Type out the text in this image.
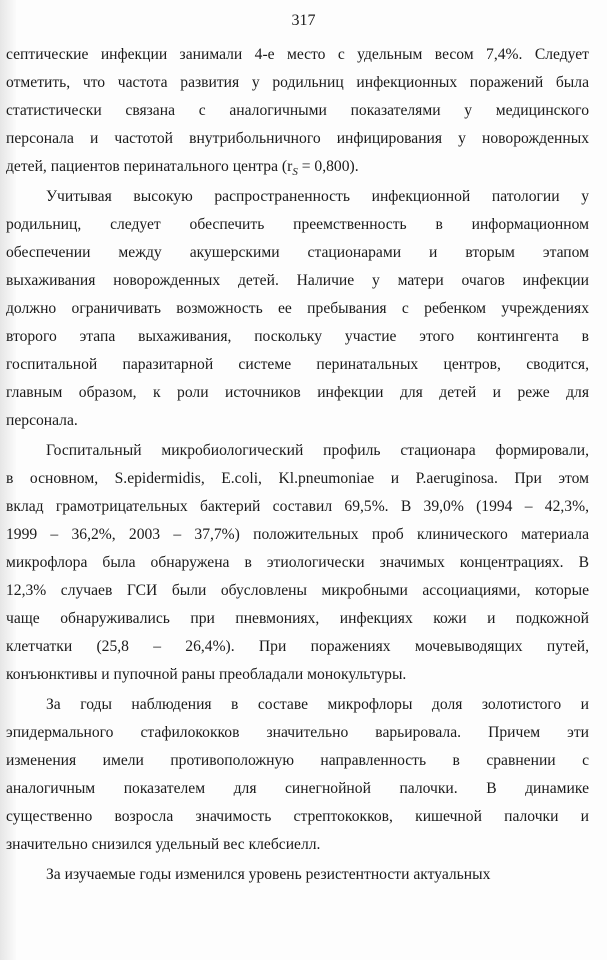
317
септические инфекции занимали 4-е место с удельным весом 7,4%. Следует
отметить, что частота развития у родильниц инфекционных поражений была
статистически связана с аналогичными показателями у медицинского
персонала и частотой внутрибольничного инфицирования у новорожденных
детей, пациентов перинатального центра $(r_S = 0,800)$.
Учитывая высокую распространенность инфекционной патологии у
родильниц, следует обеспечить преемственность в информационном
обеспечении между акушерскими стационарами и вторым этапом
выхаживания новорожденных детей. Наличие у матери очагов инфекции
должно ограничивать возможность ее пребывания с ребенком учреждениях
второго этапа выхаживания, поскольку участие этого контингента в
госпитальной паразитарной системе перинатальных центров, сводится,
главным образом, к роли источников инфекции для детей и реже для
персонала.
Госпитальный микробиологический профиль стационара формировали,
в основном, S.epidermidis, E.coli, Kl.pneumoniae и P.aeruginosa. При этом
вклад грамотрицательных бактерий составил 69,5%. В 39,0% (1994 – 42,3%,
1999 – 36,2%, 2003 – 37,7%) положительных проб клинического материала
микрофлора была обнаружена в этиологически значимых концентрациях. В
12,3% случаев ГСИ были обусловлены микробными ассоциациями, которые
чаще обнаруживались при пневмониях, инфекциях кожи и подкожной
клетчатки (25,8 – 26,4%). При поражениях мочевыводящих путей,
конъюнктивы и пупочной раны преобладали монокультуры.
За годы наблюдения в составе микрофлоры доля золотистого и
эпидермального стафилококков значительно варьировала. Причем эти
изменения имели противоположную направленность в сравнении с
аналогичным показателем для синегнойной палочки. В динамике
существенно возросла значимость стрептококков, кишечной палочки и
значительно снизился удельный вес клебсиелл.
За изучаемые годы изменился уровень резистентности актуальных
